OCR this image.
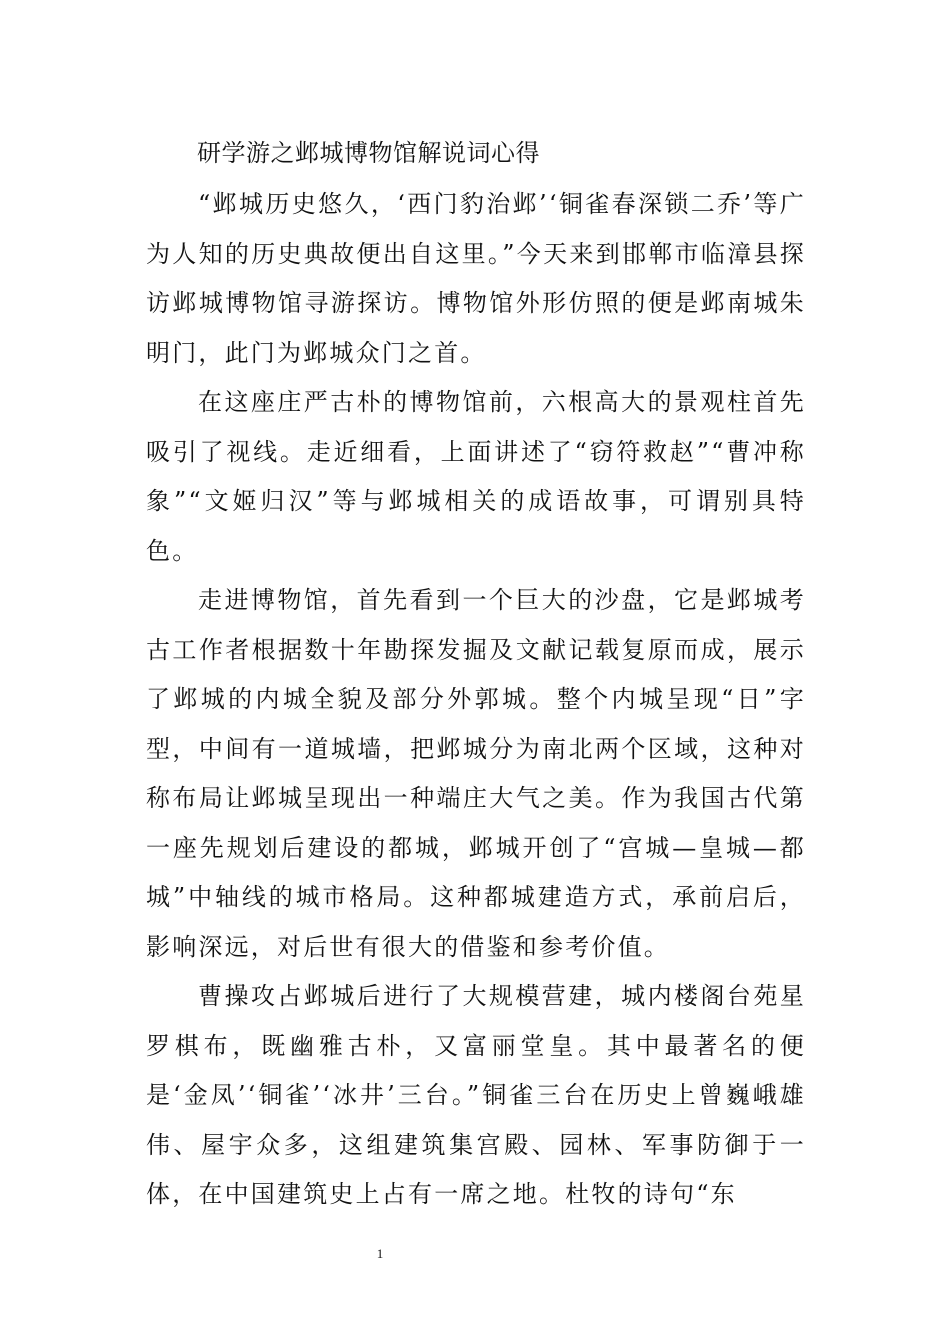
研学游之邺城博物馆解说词心得

“邺城历史悠久，‘西门豹治邺’‘铜雀春深锁二乔’等广为人知的历史典故便出自这里。”今天来到邯郸市临漳县探访邺城博物馆寻游探访。博物馆外形仿照的便是邺南城朱明门，此门为邺城众门之首。

在这座庄严古朴的博物馆前，六根高大的景观柱首先吸引了视线。走近细看，上面讲述了“窃符救赵”“曹冲称象”“文姬归汉”等与邺城相关的成语故事，可谓别具特色。

走进博物馆，首先看到一个巨大的沙盘，它是邺城考古工作者根据数十年勘探发掘及文献记载复原而成，展示了邺城的内城全貌及部分外郭城。整个内城呈现“日”字型，中间有一道城墙，把邺城分为南北两个区域，这种对称布局让邺城呈现出一种端庄大气之美。作为我国古代第一座先规划后建设的都城，邺城开创了“宫城—皇城—都城”中轴线的城市格局。这种都城建造方式，承前启后，影响深远，对后世有很大的借鉴和参考价值。

曹操攻占邺城后进行了大规模营建，城内楼阁台苑星罗棋布，既幽雅古朴，又富丽堂皇。其中最著名的便是‘金凤’‘铜雀’‘冰井’三台。”铜雀三台在历史上曾巍峨雄伟、屋宇众多，这组建筑集宫殿、园林、军事防御于一体，在中国建筑史上占有一席之地。杜牧的诗句“东

1
